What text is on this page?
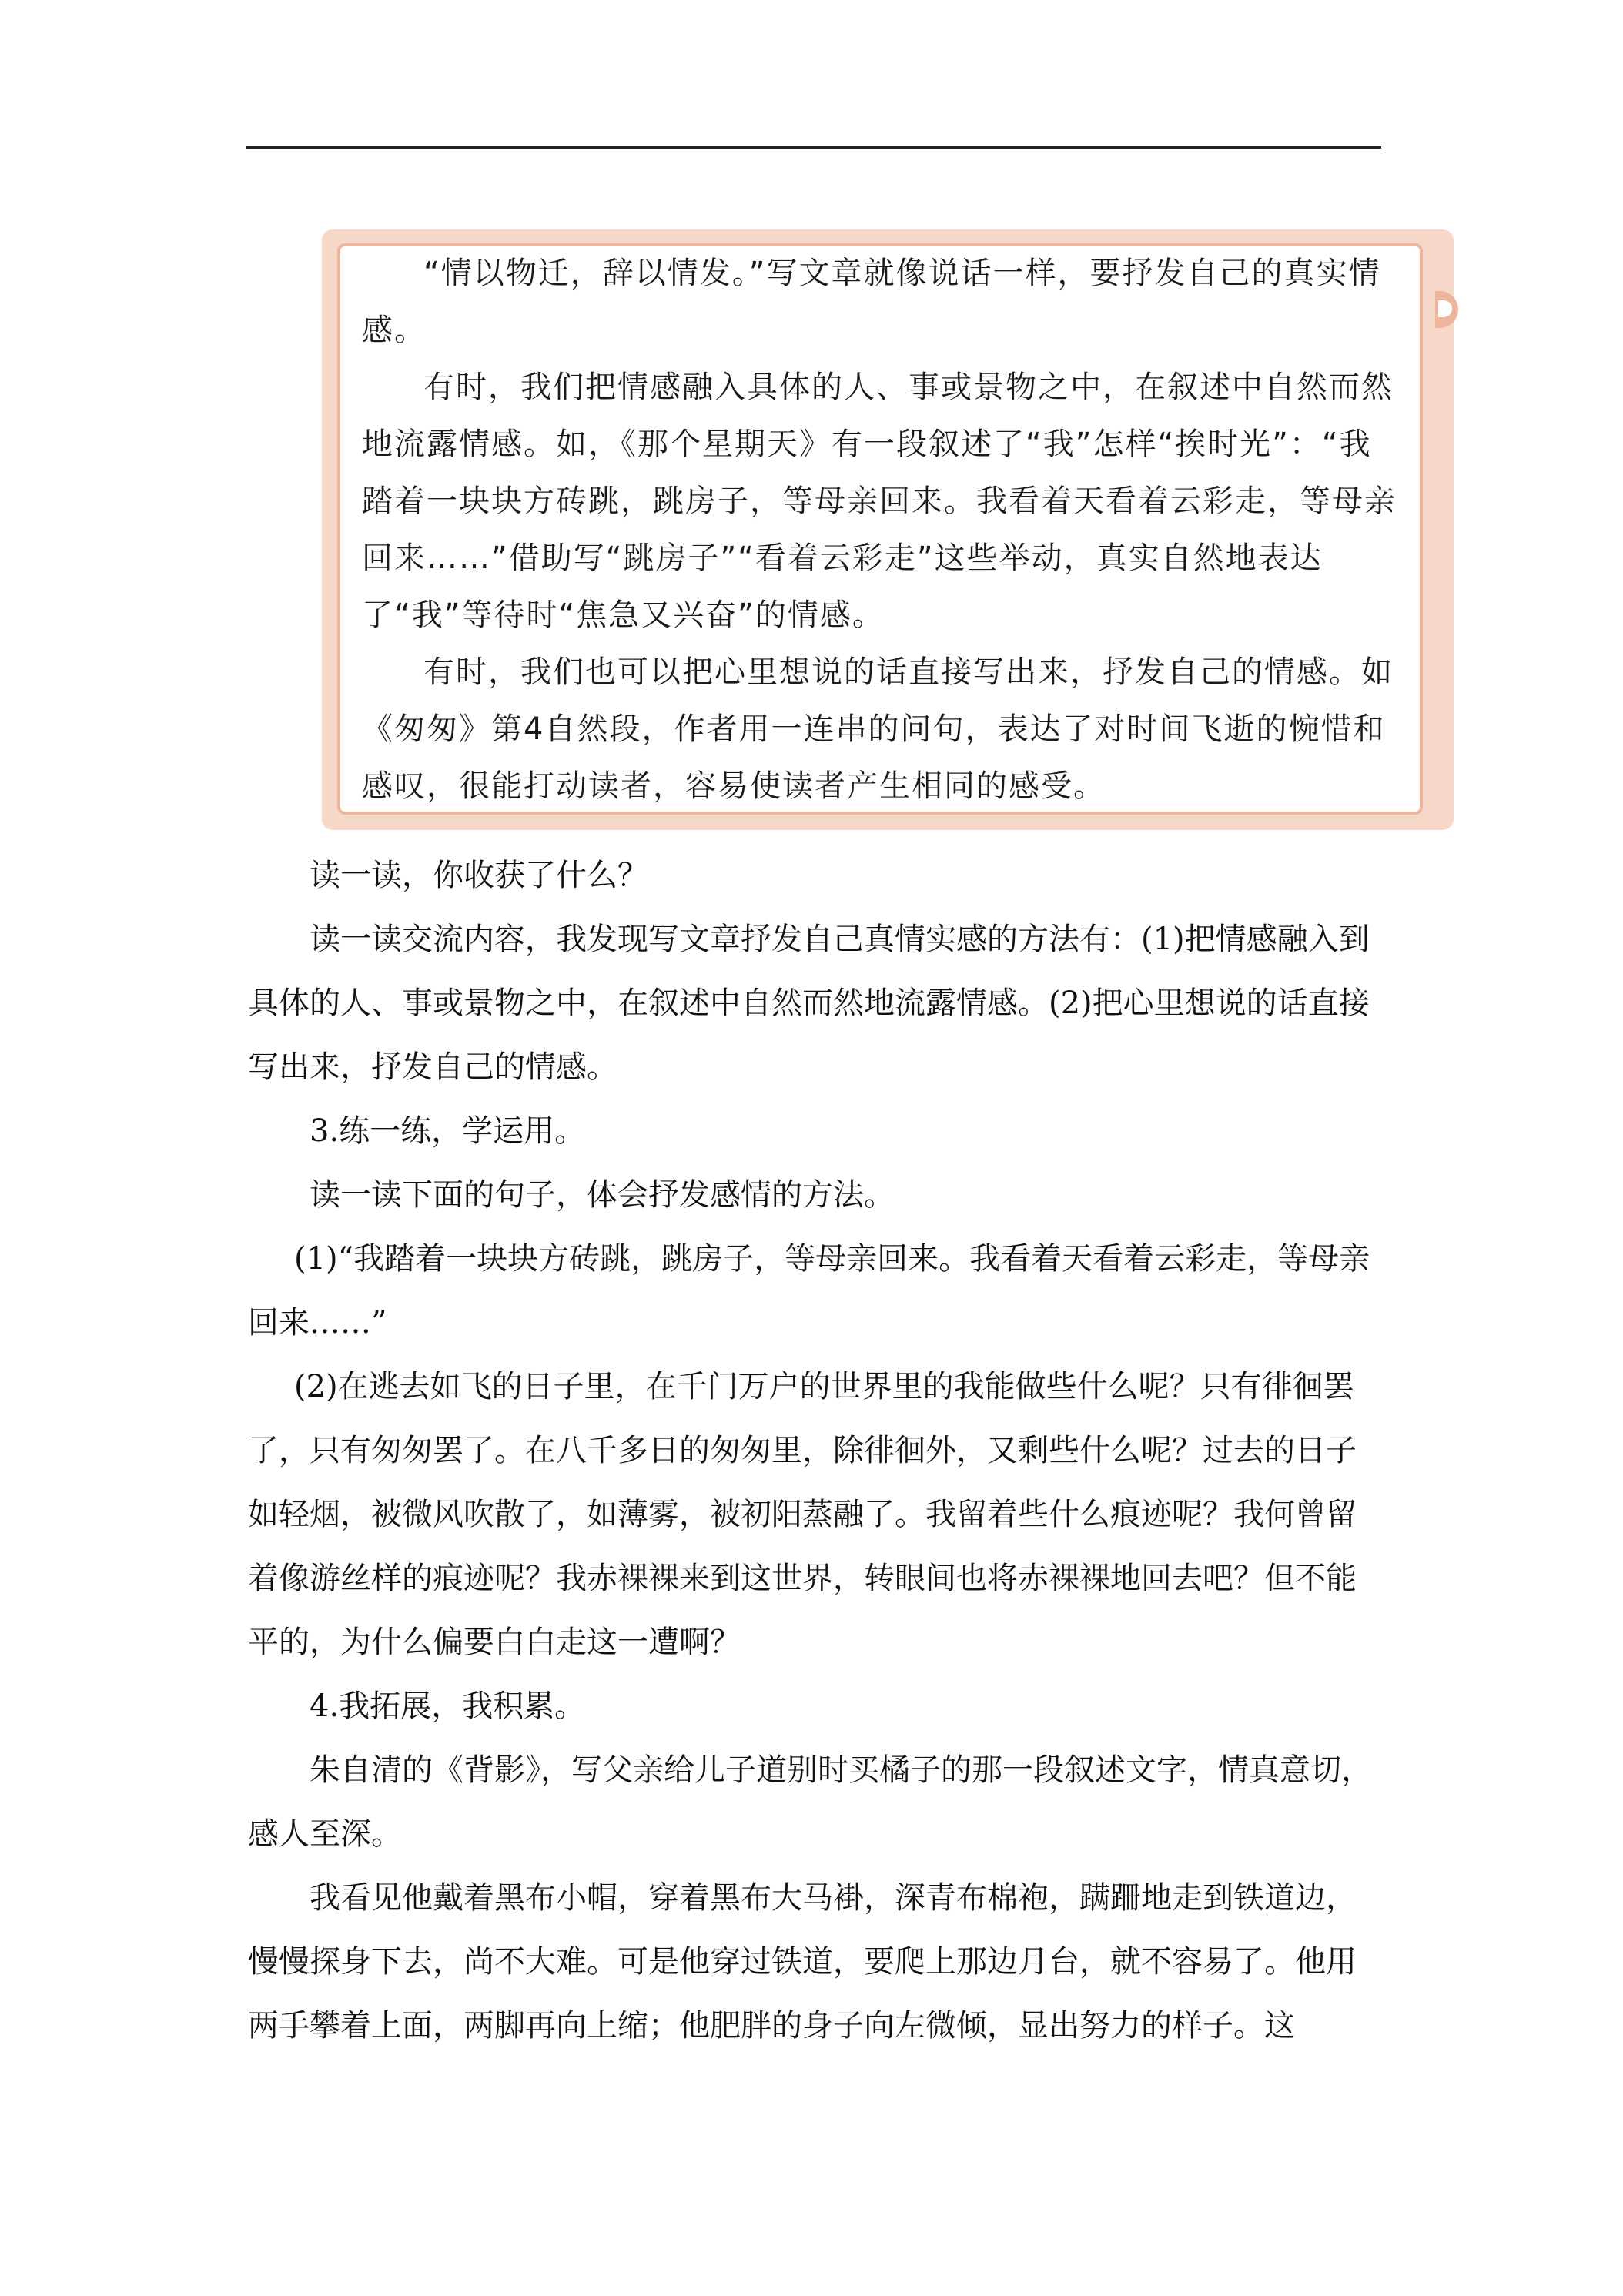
“情以物迁，辞以情发。”写文章就像说话一样，要抒发自己的真实情感。

有时，我们把情感融入具体的人、事或景物之中，在叙述中自然而然地流露情感。如，《那个星期天》有一段叙述了“我”怎样“挨时光”：“我踏着一块块方砖跳，跳房子，等母亲回来。我看着天看着云彩走，等母亲回来……”借助写“跳房子”“看着云彩走”这些举动，真实自然地表达了“我”等待时“焦急又兴奋”的情感。

有时，我们也可以把心里想说的话直接写出来，抒发自己的情感。如《匆匆》第4自然段，作者用一连串的问句，表达了对时间飞逝的惋惜和感叹，很能打动读者，容易使读者产生相同的感受。

读一读，你收获了什么？

读一读交流内容，我发现写文章抒发自己真情实感的方法有：(1)把情感融入到具体的人、事或景物之中，在叙述中自然而然地流露情感。(2)把心里想说的话直接写出来，抒发自己的情感。

3.练一练，学运用。

读一读下面的句子，体会抒发感情的方法。

(1)“我踏着一块块方砖跳，跳房子，等母亲回来。我看着天看着云彩走，等母亲回来……”

(2)在逃去如飞的日子里，在千门万户的世界里的我能做些什么呢？只有徘徊罢了，只有匆匆罢了。在八千多日的匆匆里，除徘徊外，又剩些什么呢？过去的日子如轻烟，被微风吹散了，如薄雾，被初阳蒸融了。我留着些什么痕迹呢？我何曾留着像游丝样的痕迹呢？我赤裸裸来到这世界，转眼间也将赤裸裸地回去吧？但不能平的，为什么偏要白白走这一遭啊？

4.我拓展，我积累。

朱自清的《背影》，写父亲给儿子道别时买橘子的那一段叙述文字，情真意切，感人至深。

我看见他戴着黑布小帽，穿着黑布大马褂，深青布棉袍，蹒跚地走到铁道边，慢慢探身下去，尚不大难。可是他穿过铁道，要爬上那边月台，就不容易了。他用两手攀着上面，两脚再向上缩；他肥胖的身子向左微倾，显出努力的样子。这
